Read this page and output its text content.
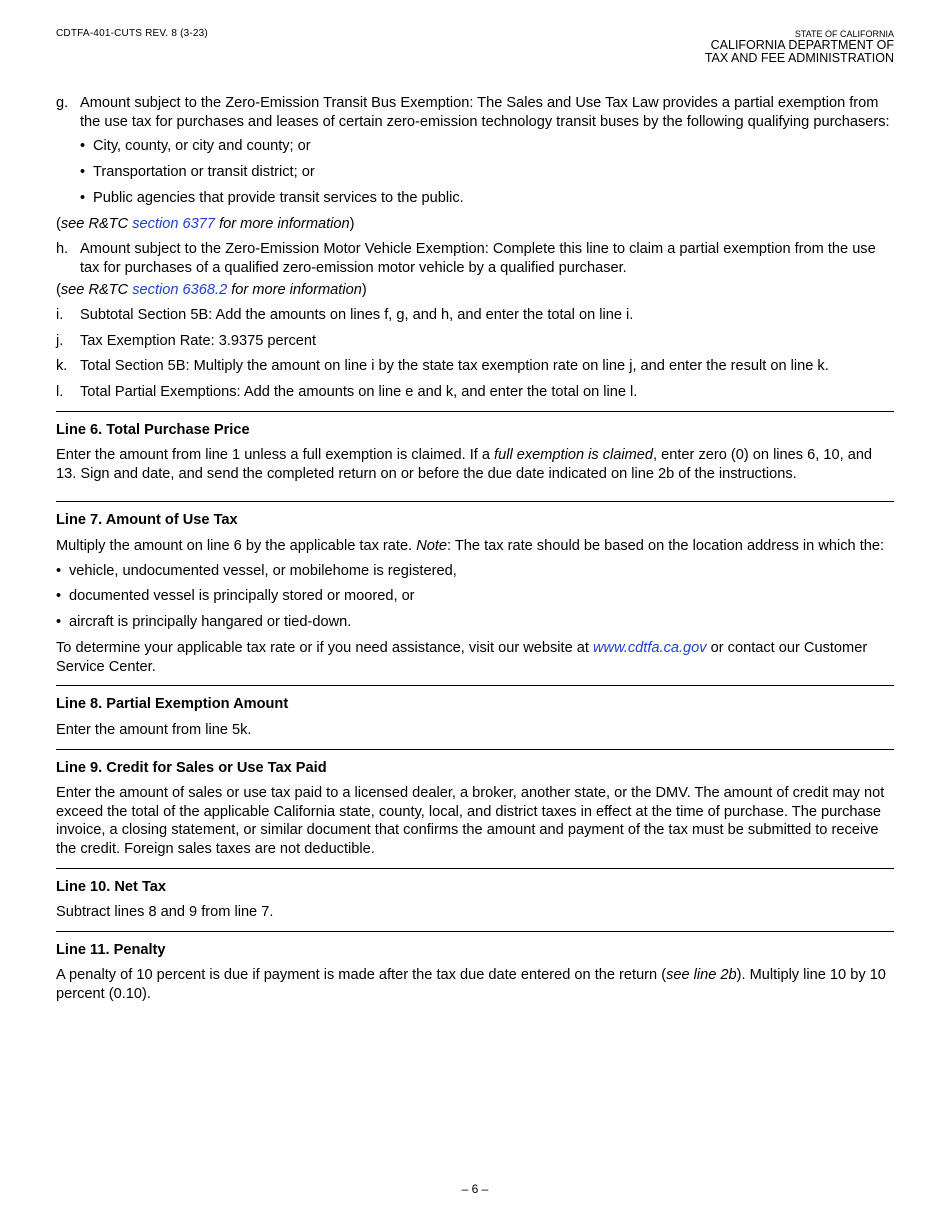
CDTFA-401-CUTS REV. 8 (3-23)	STATE OF CALIFORNIA
CALIFORNIA DEPARTMENT OF
TAX AND FEE ADMINISTRATION
g. Amount subject to the Zero-Emission Transit Bus Exemption: The Sales and Use Tax Law provides a partial exemption from the use tax for purchases and leases of certain zero-emission technology transit buses by the following qualifying purchasers:
• City, county, or city and county; or
• Transportation or transit district; or
• Public agencies that provide transit services to the public.
(see R&TC section 6377 for more information)
h. Amount subject to the Zero-Emission Motor Vehicle Exemption: Complete this line to claim a partial exemption from the use tax for purchases of a qualified zero-emission motor vehicle by a qualified purchaser.
(see R&TC section 6368.2 for more information)
i.	Subtotal Section 5B: Add the amounts on lines f, g, and h, and enter the total on line i.
j.	Tax Exemption Rate: 3.9375 percent
k. Total Section 5B: Multiply the amount on line i by the state tax exemption rate on line j, and enter the result on line k.
l.	Total Partial Exemptions: Add the amounts on line e and k, and enter the total on line l.
Line 6. Total Purchase Price

Enter the amount from line 1 unless a full exemption is claimed. If a full exemption is claimed, enter zero (0) on lines 6, 10, and 13. Sign and date, and send the completed return on or before the due date indicated on line 2b of the instructions.

Line 7. Amount of Use Tax

Multiply the amount on line 6 by the applicable tax rate. Note: The tax rate should be based on the location address in which the:

• vehicle, undocumented vessel, or mobilehome is registered,
• documented vessel is principally stored or moored, or
• aircraft is principally hangared or tied-down.

To determine your applicable tax rate or if you need assistance, visit our website at www.cdtfa.ca.gov or contact our Customer Service Center.

Line 8. Partial Exemption Amount

Enter the amount from line 5k.

Line 9. Credit for Sales or Use Tax Paid

Enter the amount of sales or use tax paid to a licensed dealer, a broker, another state, or the DMV. The amount of credit may not exceed the total of the applicable California state, county, local, and district taxes in effect at the time of purchase. The purchase invoice, a closing statement, or similar document that confirms the amount and payment of the tax must be submitted to receive the credit. Foreign sales taxes are not deductible.

Line 10. Net Tax

Subtract lines 8 and 9 from line 7.

Line 11. Penalty

A penalty of 10 percent is due if payment is made after the tax due date entered on the return (see line 2b). Multiply line 10 by 10 percent (0.10).

– 6 –
